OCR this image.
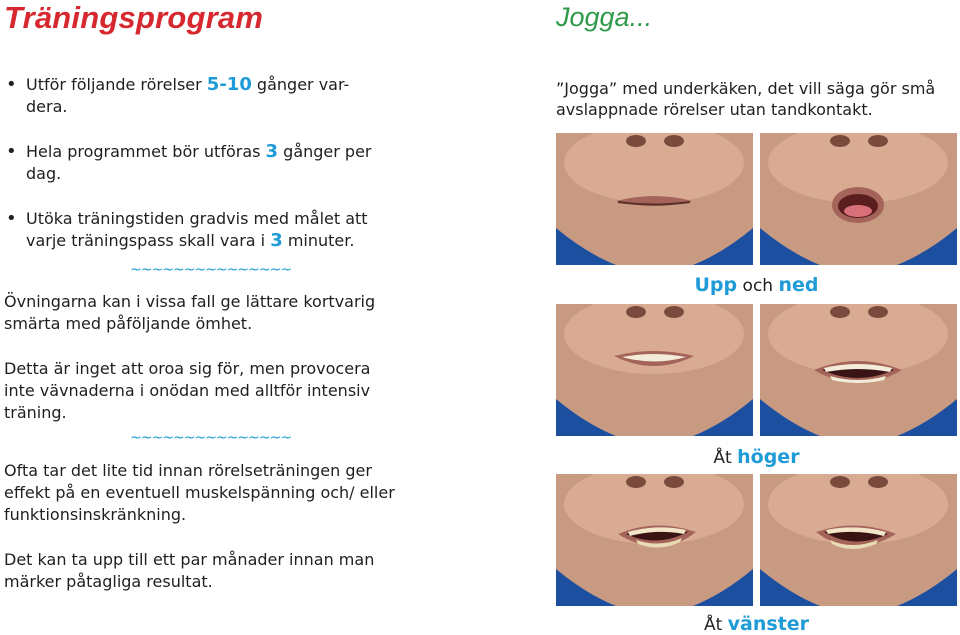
Träningsprogram	Jogga...
• Utför följande rörelser 5-10 gånger var-dera.
• Hela programmet bör utföras 3 gånger per dag.
• Utöka träningstiden gradvis med målet att varje träningspass skall vara i 3 minuter.
~~~~~~~~~~~~~~~

Övningarna kan i vissa fall ge lättare kortvarig smärta med påföljande ömhet.

Detta är inget att oroa sig för, men provocera inte vävnaderna i onödan med alltför intensiv träning.

~~~~~~~~~~~~~~~

Ofta tar det lite tid innan rörelseträningen ger effekt på en eventuell muskelspänning och/ eller funktionsinskränkning.

Det kan ta upp till ett par månader innan man märker påtagliga resultat.

”Jogga” med underkäken, det vill säga gör små avslappnade rörelser utan tandkontakt.

Upp och ned
Åt höger
Åt vänster
